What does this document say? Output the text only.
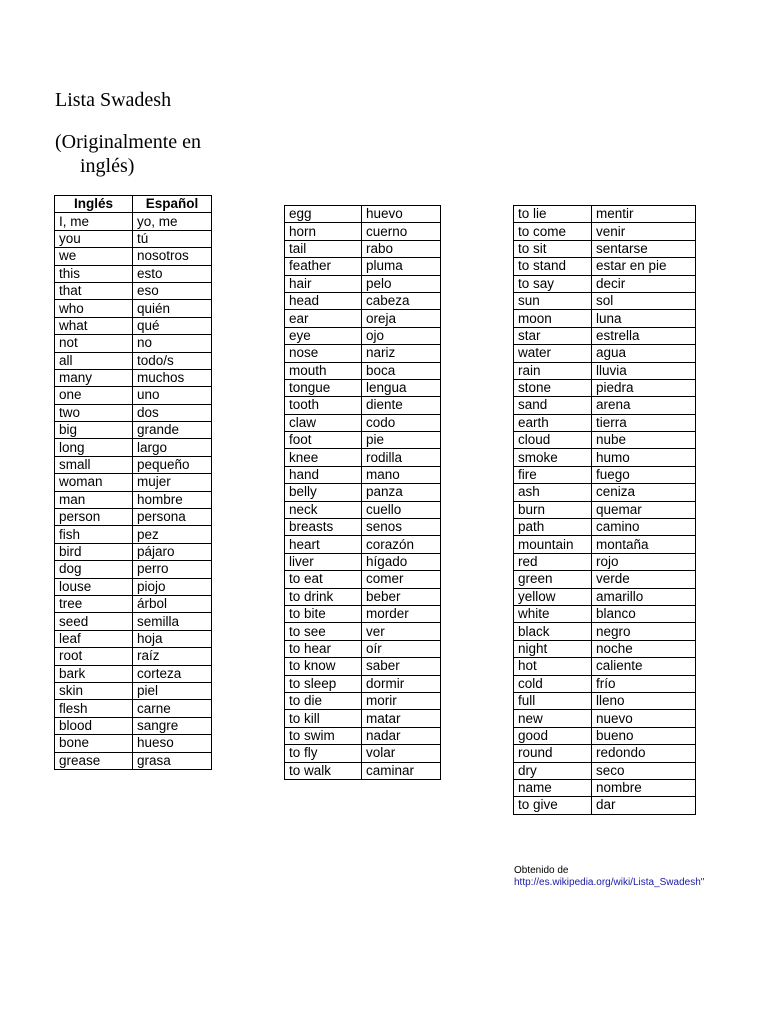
Lista Swadesh
(Originalmente en
inglés)
Inglés	Español
I, me	yo, me
you	tú
we	nosotros
this	esto
that	eso
who	quién
what	qué
not	no
all	todo/s
many	muchos
one	uno
two	dos
big	grande
long	largo
small	pequeño
woman	mujer
man	hombre
person	persona
fish	pez
bird	pájaro
dog	perro
louse	piojo
tree	árbol
seed	semilla
leaf	hoja
root	raíz
bark	corteza
skin	piel
flesh	carne
blood	sangre
bone	hueso
grease	grasa
egg	huevo
horn	cuerno
tail	rabo
feather	pluma
hair	pelo
head	cabeza
ear	oreja
eye	ojo
nose	nariz
mouth	boca
tongue	lengua
tooth	diente
claw	codo
foot	pie
knee	rodilla
hand	mano
belly	panza
neck	cuello
breasts	senos
heart	corazón
liver	hígado
to eat	comer
to drink	beber
to bite	morder
to see	ver
to hear	oír
to know	saber
to sleep	dormir
to die	morir
to kill	matar
to swim	nadar
to fly	volar
to walk	caminar
to lie	mentir
to come	venir
to sit	sentarse
to stand	estar en pie
to say	decir
sun	sol
moon	luna
star	estrella
water	agua
rain	lluvia
stone	piedra
sand	arena
earth	tierra
cloud	nube
smoke	humo
fire	fuego
ash	ceniza
burn	quemar
path	camino
mountain	montaña
red	rojo
green	verde
yellow	amarillo
white	blanco
black	negro
night	noche
hot	caliente
cold	frío
full	lleno
new	nuevo
good	bueno
round	redondo
dry	seco
name	nombre
to give	dar
Obtenido de
http://es.wikipedia.org/wiki/Lista_Swadesh"
